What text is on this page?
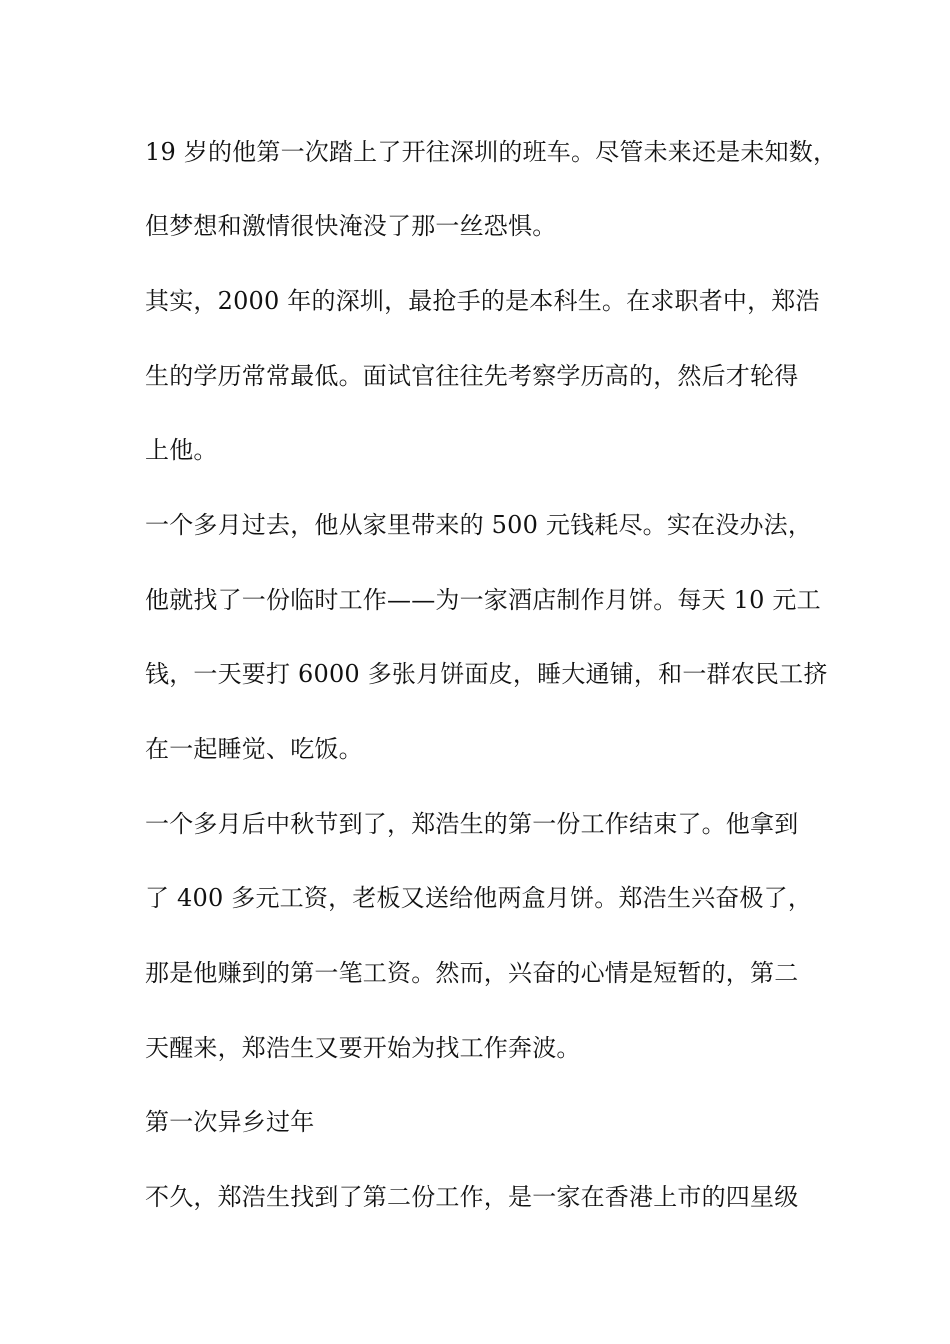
19 岁的他第一次踏上了开往深圳的班车。尽管未来还是未知数，
但梦想和激情很快淹没了那一丝恐惧。
其实，2000 年的深圳，最抢手的是本科生。在求职者中，郑浩
生的学历常常最低。面试官往往先考察学历高的，然后才轮得
上他。
一个多月过去，他从家里带来的 500 元钱耗尽。实在没办法，
他就找了一份临时工作——为一家酒店制作月饼。每天 10 元工
钱，一天要打 6000 多张月饼面皮，睡大通铺，和一群农民工挤
在一起睡觉、吃饭。
一个多月后中秋节到了，郑浩生的第一份工作结束了。他拿到
了 400 多元工资，老板又送给他两盒月饼。郑浩生兴奋极了，
那是他赚到的第一笔工资。然而，兴奋的心情是短暂的，第二
天醒来，郑浩生又要开始为找工作奔波。
第一次异乡过年
不久，郑浩生找到了第二份工作，是一家在香港上市的四星级
